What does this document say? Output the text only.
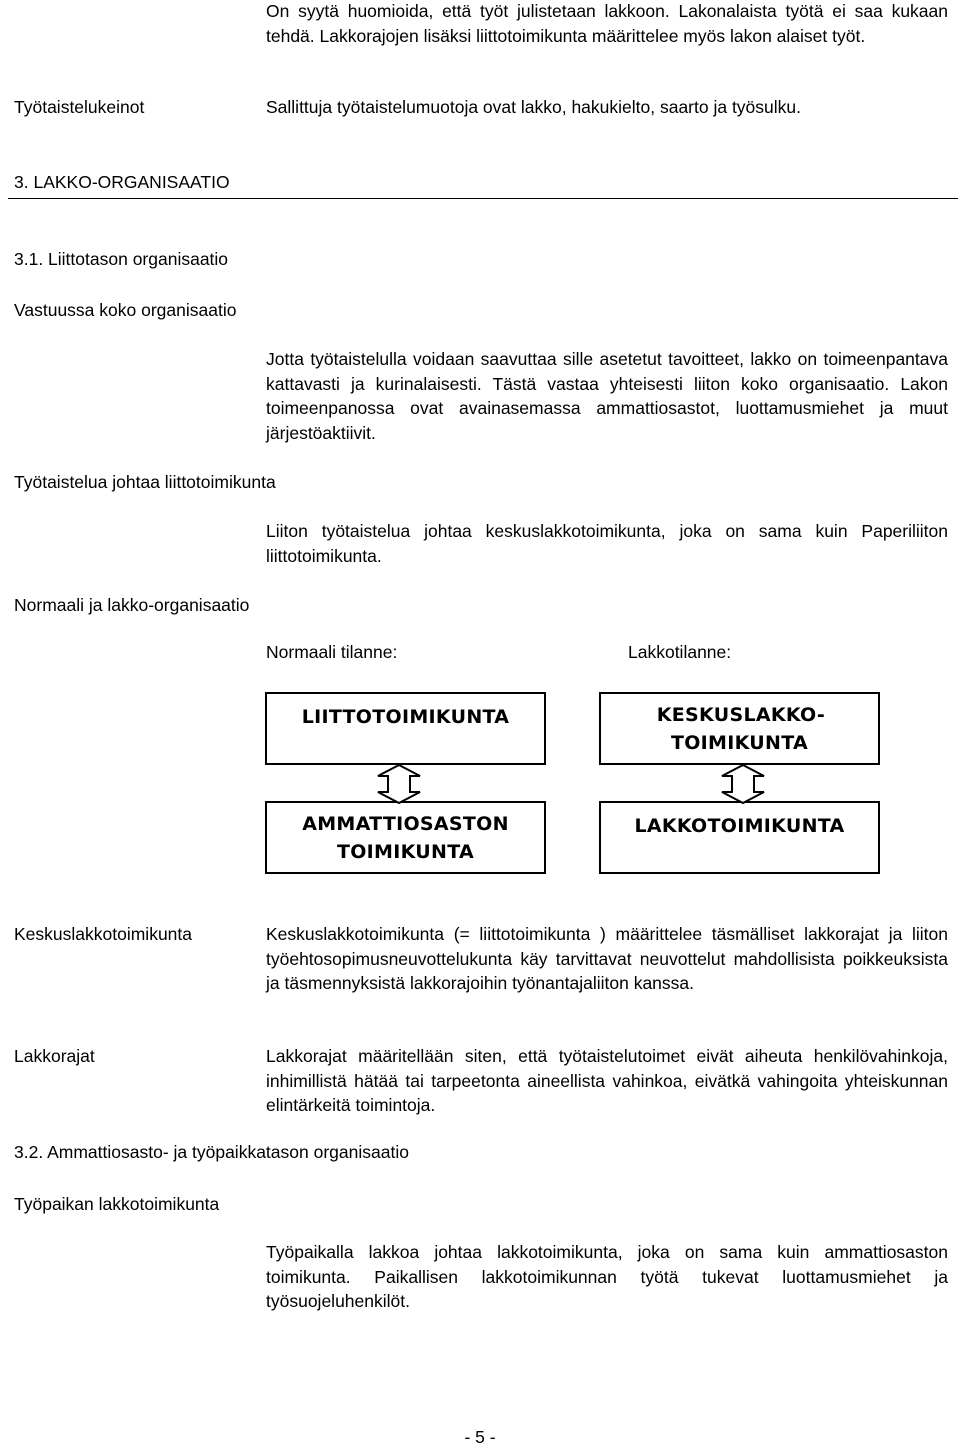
On syytä huomioida, että työt julistetaan lakkoon. Lakonalaista työtä ei saa kukaan tehdä. Lakkorajojen lisäksi liittotoimikunta määrittelee myös lakon alaiset työt.

Työtaistelukeinot	Sallittuja työtaistelumuotoja ovat lakko, hakukielto, saarto ja työsulku.

3. LAKKO-ORGANISAATIO
3.1. Liittotason organisaatio
Vastuussa koko organisaatio

Jotta työtaistelulla voidaan saavuttaa sille asetetut tavoitteet, lakko on toimeenpantava kattavasti ja kurinalaisesti. Tästä vastaa yhteisesti liiton koko organisaatio. Lakon toimeenpanossa ovat avainasemassa ammattiosastot, luottamusmiehet ja muut järjestöaktiivit.

Työtaistelua johtaa liittotoimikunta

Liiton työtaistelua johtaa keskuslakkotoimikunta, joka on sama kuin Paperiliiton liittotoimikunta.

Normaali ja lakko-organisaatio
Normaali tilanne:	Lakkotilanne:
LIITTOTOIMIKUNTA
AMMATTIOSASTON TOIMIKUNTA
KESKUSLAKKO-TOIMIKUNTA
LAKKOTOIMIKUNTA
Keskuslakkotoimikunta	Keskuslakkotoimikunta (= liittotoimikunta ) määrittelee täsmälliset lakkorajat ja liiton työehtosopimusneuvottelukunta käy tarvittavat neuvottelut mahdollisista poikkeuksista ja täsmennyksistä lakkorajoihin työnantajaliiton kanssa.

Lakkorajat	Lakkorajat määritellään siten, että työtaistelutoimet eivät aiheuta henkilövahinkoja, inhimillistä hätää tai tarpeetonta aineellista vahinkoa, eivätkä vahingoita yhteiskunnan elintärkeitä toimintoja.

3.2. Ammattiosasto- ja työpaikkatason organisaatio
Työpaikan lakkotoimikunta

Työpaikalla lakkoa johtaa lakkotoimikunta, joka on sama kuin ammattiosaston toimikunta. Paikallisen lakkotoimikunnan työtä tukevat luottamusmiehet ja työsuojeluhenkilöt.

- 5 -
